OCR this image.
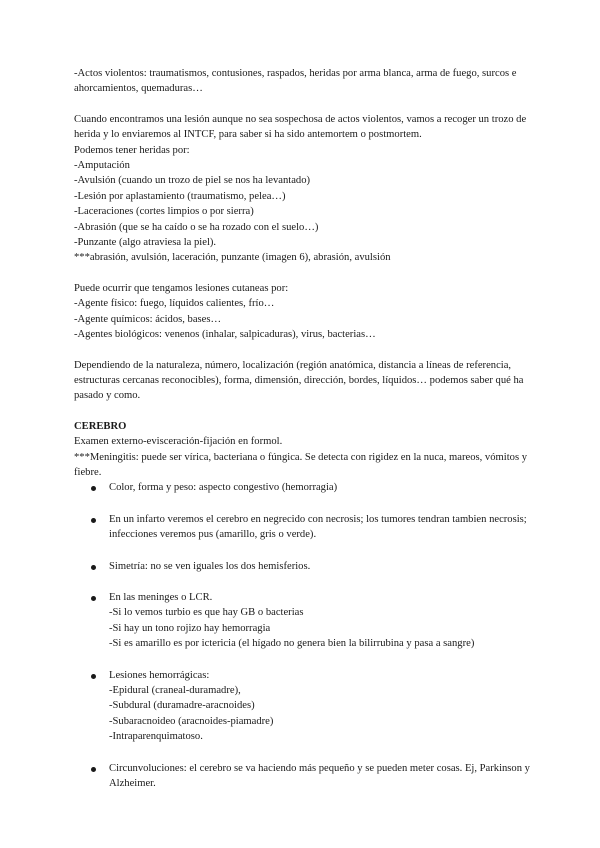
-Actos violentos: traumatismos, contusiones, raspados, heridas por arma blanca, arma de fuego, surcos e ahorcamientos, quemaduras…

Cuando encontramos una lesión aunque no sea sospechosa de actos violentos, vamos a recoger un trozo de herida y lo enviaremos al INTCF, para saber si ha sido antemortem o postmortem.

Podemos tener heridas por:

-Amputación

-Avulsión (cuando un trozo de piel se nos ha levantado)

-Lesión por aplastamiento (traumatismo, pelea…)

-Laceraciones (cortes limpios o por sierra)

-Abrasión (que se ha caído o se ha rozado con el suelo…)

-Punzante (algo atraviesa la piel).

***abrasión, avulsión, laceración, punzante (imagen 6), abrasión, avulsión

Puede ocurrir que tengamos lesiones cutaneas por:

-Agente físico: fuego, líquidos calientes, frío…

-Agente químicos: ácidos, bases…

-Agentes biológicos: venenos (inhalar, salpicaduras), virus, bacterias…

Dependiendo de la naturaleza, número, localización (región anatómica, distancia a líneas de referencia, estructuras cercanas reconocibles), forma, dimensión, dirección, bordes, líquidos… podemos saber qué ha pasado y como.

CEREBRO

Examen externo-evisceración-fijación en formol.

***Meningitis: puede ser vírica, bacteriana o fúngica. Se detecta con rigidez en la nuca, mareos, vómitos y fiebre.

Color, forma y peso: aspecto congestivo (hemorragia)

En un infarto veremos el cerebro en negrecido con necrosis; los tumores tendran tambien necrosis; infecciones veremos pus (amarillo, gris o verde).

Simetría: no se ven iguales los dos hemisferios.

En las meninges o LCR.

-Si lo vemos turbio es que hay GB o bacterias

-Si hay un tono rojizo hay hemorragia

-Si es amarillo es por ictericia (el hígado no genera bien la bilirrubina y pasa a sangre)

Lesiones hemorrágicas:

-Epidural (craneal-duramadre),

-Subdural (duramadre-aracnoides)

-Subaracnoideo (aracnoides-piamadre)

-Intraparenquimatoso.

Circunvoluciones: el cerebro se va haciendo más pequeño y se pueden meter cosas. Ej, Parkinson y Alzheimer.
